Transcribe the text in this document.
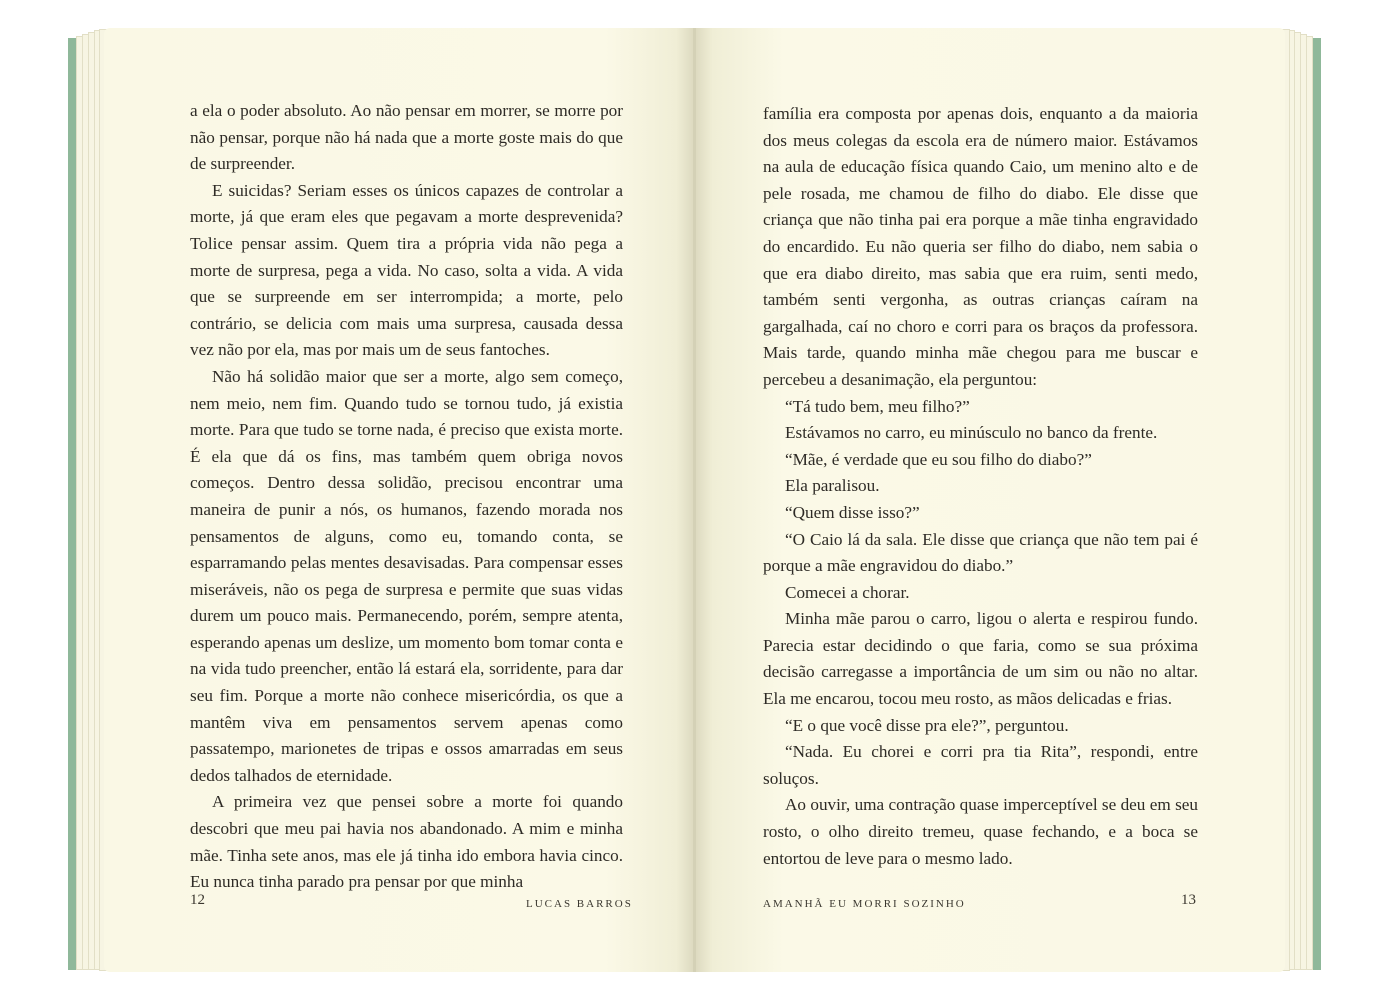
a ela o poder absoluto. Ao não pensar em morrer, se morre por não pensar, porque não há nada que a morte goste mais do que de surpreender.

E suicidas? Seriam esses os únicos capazes de controlar a morte, já que eram eles que pegavam a morte desprevenida? Tolice pensar assim. Quem tira a própria vida não pega a morte de surpresa, pega a vida. No caso, solta a vida. A vida que se surpreende em ser interrompida; a morte, pelo contrário, se delicia com mais uma surpresa, causada dessa vez não por ela, mas por mais um de seus fantoches.

Não há solidão maior que ser a morte, algo sem começo, nem meio, nem fim. Quando tudo se tornou tudo, já existia morte. Para que tudo se torne nada, é preciso que exista morte. É ela que dá os fins, mas também quem obriga novos começos. Dentro dessa solidão, precisou encontrar uma maneira de punir a nós, os humanos, fazendo morada nos pensamentos de alguns, como eu, tomando conta, se esparramando pelas mentes desavisadas. Para compensar esses miseráveis, não os pega de surpresa e permite que suas vidas durem um pouco mais. Permanecendo, porém, sempre atenta, esperando apenas um deslize, um momento bom tomar conta e na vida tudo preencher, então lá estará ela, sorridente, para dar seu fim. Porque a morte não conhece misericórdia, os que a mantêm viva em pensamentos servem apenas como passatempo, marionetes de tripas e ossos amarradas em seus dedos talhados de eternidade.

A primeira vez que pensei sobre a morte foi quando descobri que meu pai havia nos abandonado. A mim e minha mãe. Tinha sete anos, mas ele já tinha ido embora havia cinco. Eu nunca tinha parado pra pensar por que minha

12	LUCAS BARROS

família era composta por apenas dois, enquanto a da maioria dos meus colegas da escola era de número maior. Estávamos na aula de educação física quando Caio, um menino alto e de pele rosada, me chamou de filho do diabo. Ele disse que criança que não tinha pai era porque a mãe tinha engravidado do encardido. Eu não queria ser filho do diabo, nem sabia o que era diabo direito, mas sabia que era ruim, senti medo, também senti vergonha, as outras crianças caíram na gargalhada, caí no choro e corri para os braços da professora. Mais tarde, quando minha mãe chegou para me buscar e percebeu a desanimação, ela perguntou:

“Tá tudo bem, meu filho?”

Estávamos no carro, eu minúsculo no banco da frente.

“Mãe, é verdade que eu sou filho do diabo?”

Ela paralisou.

“Quem disse isso?”

“O Caio lá da sala. Ele disse que criança que não tem pai é porque a mãe engravidou do diabo.”

Comecei a chorar.

Minha mãe parou o carro, ligou o alerta e respirou fundo. Parecia estar decidindo o que faria, como se sua próxima decisão carregasse a importância de um sim ou não no altar. Ela me encarou, tocou meu rosto, as mãos delicadas e frias.

“E o que você disse pra ele?”, perguntou.

“Nada. Eu chorei e corri pra tia Rita”, respondi, entre soluços.

Ao ouvir, uma contração quase imperceptível se deu em seu rosto, o olho direito tremeu, quase fechando, e a boca se entortou de leve para o mesmo lado.

AMANHÃ EU MORRI SOZINHO	13
